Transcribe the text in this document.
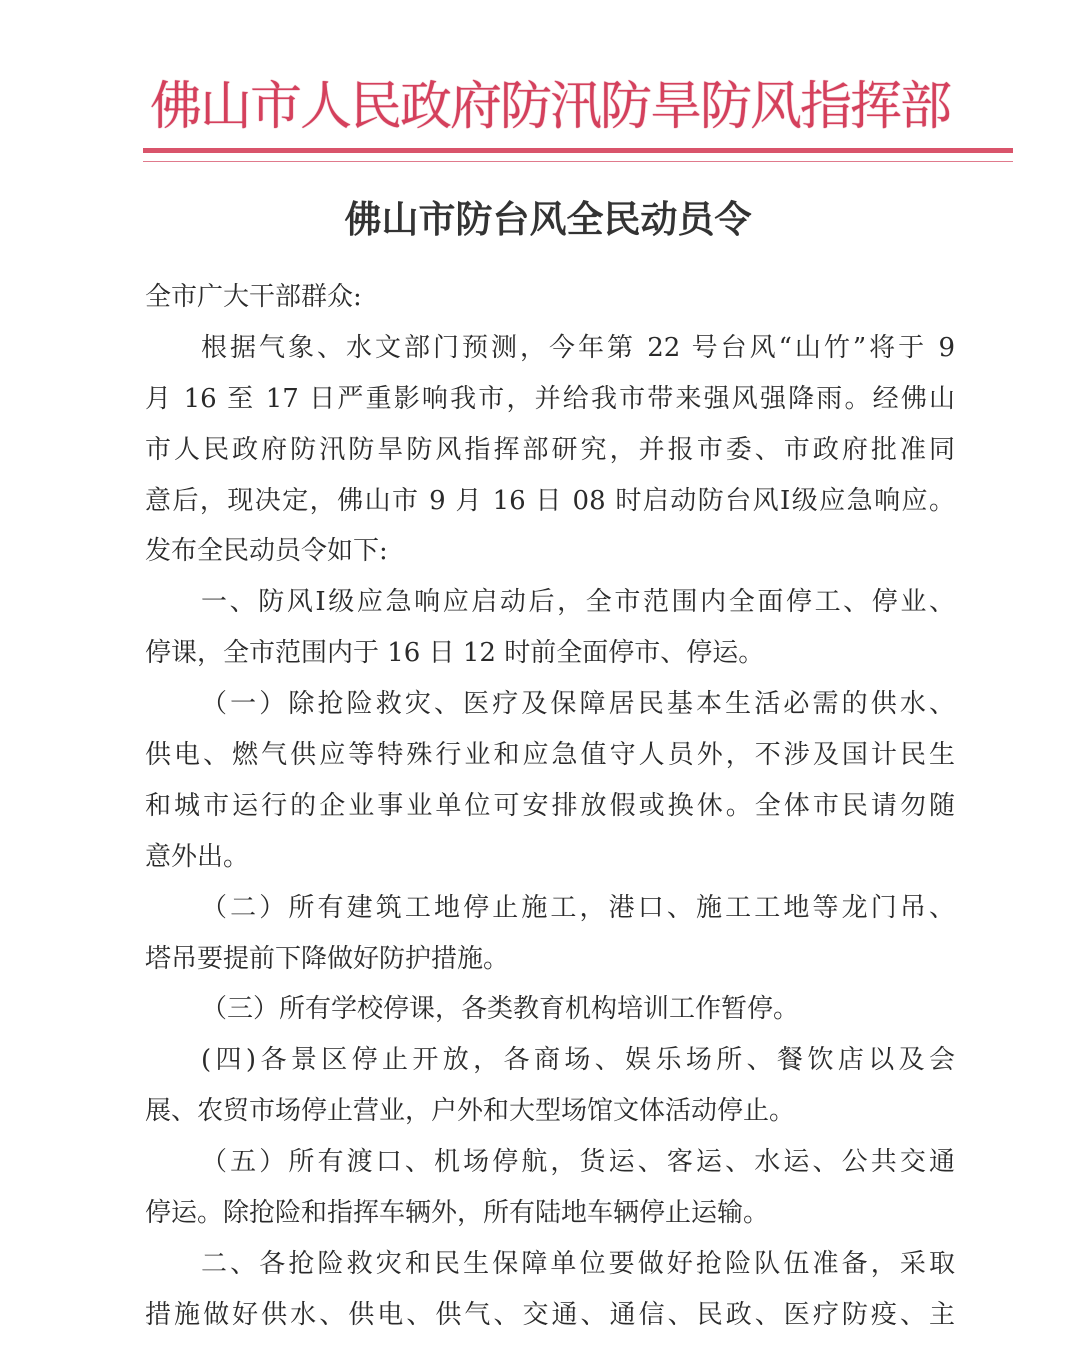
佛山市人民政府防汛防旱防风指挥部
佛山市防台风全民动员令
全市广大干部群众:
根据气象、水文部门预测，今年第 22 号台风“山竹”将于 9
月 16 至 17 日严重影响我市，并给我市带来强风强降雨。经佛山
市人民政府防汛防旱防风指挥部研究，并报市委、市政府批准同
意后，现决定，佛山市 9 月 16 日 08 时启动防台风Ⅰ级应急响应。
发布全民动员令如下:
一、防风Ⅰ级应急响应启动后，全市范围内全面停工、停业、
停课，全市范围内于 16 日 12 时前全面停市、停运。
（一）除抢险救灾、医疗及保障居民基本生活必需的供水、
供电、燃气供应等特殊行业和应急值守人员外，不涉及国计民生
和城市运行的企业事业单位可安排放假或换休。全体市民请勿随
意外出。
（二）所有建筑工地停止施工，港口、施工工地等龙门吊、
塔吊要提前下降做好防护措施。
（三）所有学校停课，各类教育机构培训工作暂停。
(四)各景区停止开放，各商场、娱乐场所、餐饮店以及会
展、农贸市场停止营业，户外和大型场馆文体活动停止。
（五）所有渡口、机场停航，货运、客运、水运、公共交通
停运。除抢险和指挥车辆外，所有陆地车辆停止运输。
二、各抢险救灾和民生保障单位要做好抢险队伍准备，采取
措施做好供水、供电、供气、交通、通信、民政、医疗防疫、主
